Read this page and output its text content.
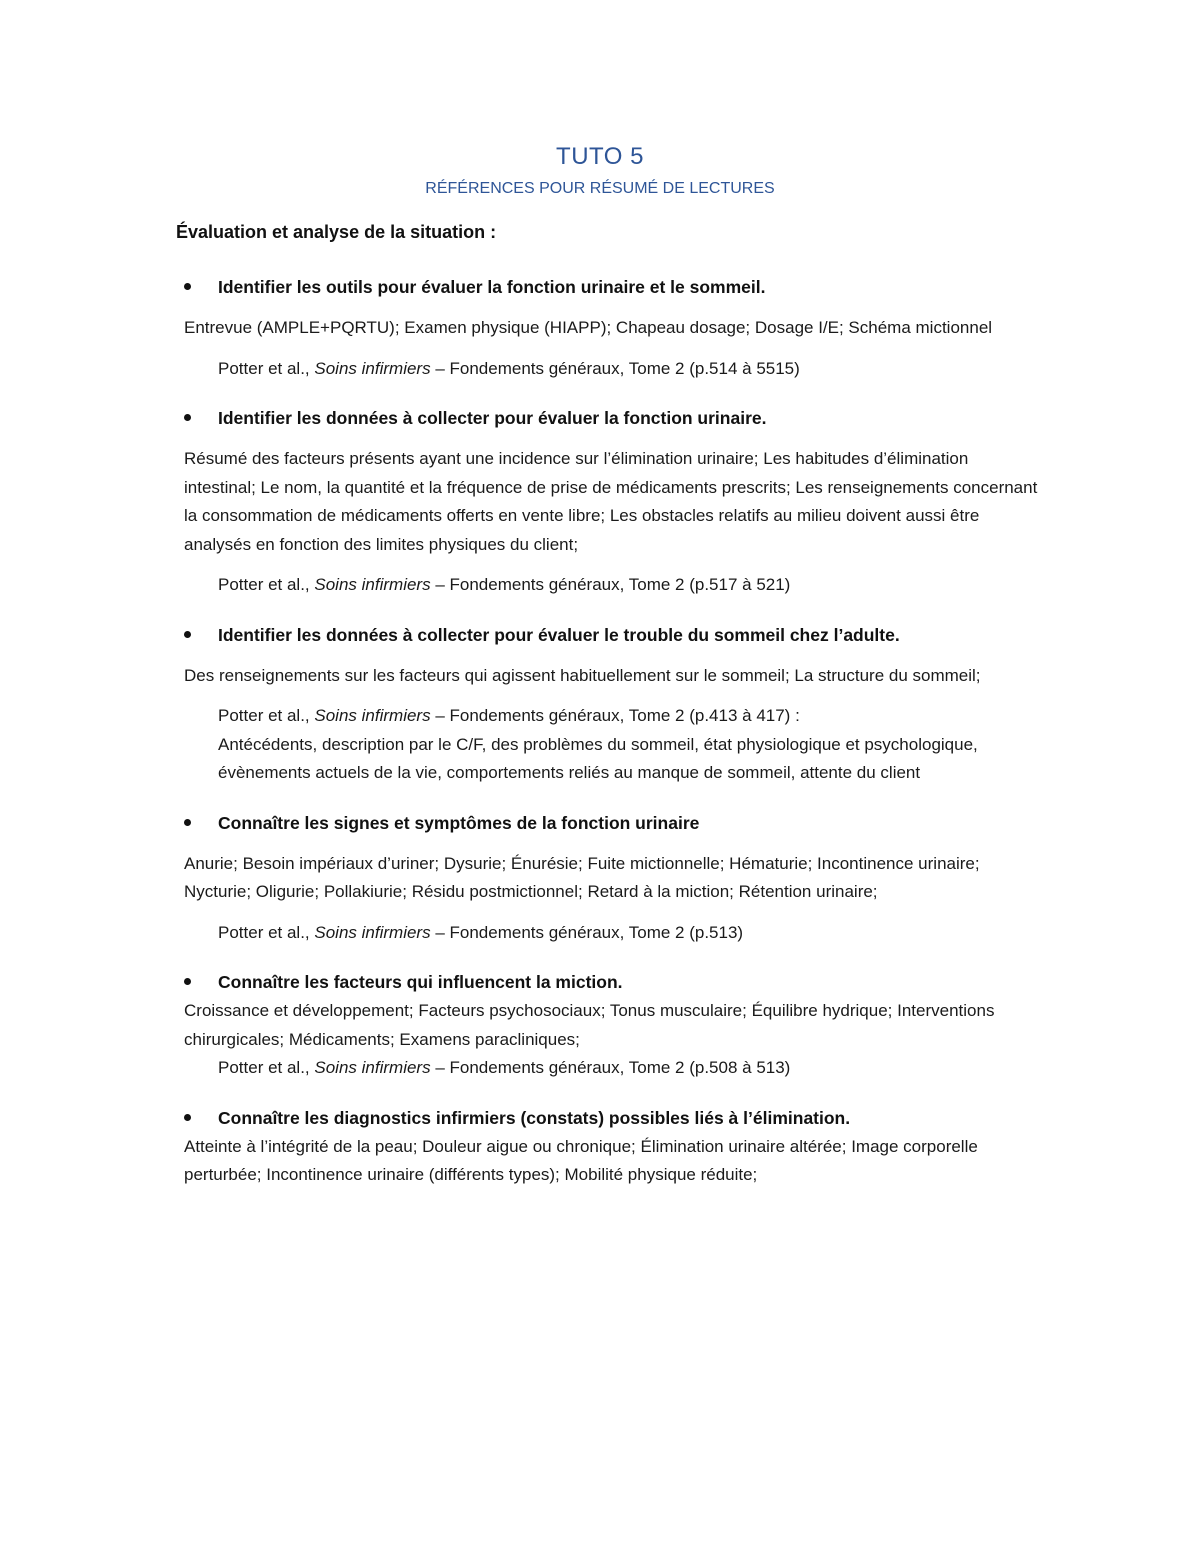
TUTO 5
RÉFÉRENCES POUR RÉSUMÉ DE LECTURES
Évaluation et analyse de la situation :
Identifier les outils pour évaluer la fonction urinaire et le sommeil.

Entrevue (AMPLE+PQRTU); Examen physique (HIAPP); Chapeau dosage; Dosage I/E; Schéma mictionnel

Potter et al., Soins infirmiers – Fondements généraux, Tome 2 (p.514 à 5515)

Identifier les données à collecter pour évaluer la fonction urinaire.

Résumé des facteurs présents ayant une incidence sur l’élimination urinaire; Les habitudes d’élimination intestinal; Le nom, la quantité et la fréquence de prise de médicaments prescrits; Les renseignements concernant la consommation de médicaments offerts en vente libre; Les obstacles relatifs au milieu doivent aussi être analysés en fonction des limites physiques du client;

Potter et al., Soins infirmiers – Fondements généraux, Tome 2 (p.517 à 521)

Identifier les données à collecter pour évaluer le trouble du sommeil chez l’adulte.

Des renseignements sur les facteurs qui agissent habituellement sur le sommeil; La structure du sommeil;

Potter et al., Soins infirmiers – Fondements généraux, Tome 2 (p.413 à 417) :

Antécédents, description par le C/F, des problèmes du sommeil, état physiologique et psychologique, évènements actuels de la vie, comportements reliés au manque de sommeil, attente du client

Connaître les signes et symptômes de la fonction urinaire

Anurie; Besoin impériaux d’uriner; Dysurie; Énurésie; Fuite mictionnelle; Hématurie; Incontinence urinaire; Nycturie; Oligurie; Pollakiurie; Résidu postmictionnel; Retard à la miction; Rétention urinaire;

Potter et al., Soins infirmiers – Fondements généraux, Tome 2 (p.513)

Connaître les facteurs qui influencent la miction.

Croissance et développement; Facteurs psychosociaux; Tonus musculaire; Équilibre hydrique; Interventions chirurgicales; Médicaments; Examens paracliniques;

Potter et al., Soins infirmiers – Fondements généraux, Tome 2 (p.508 à 513)

Connaître les diagnostics infirmiers (constats) possibles liés à l’élimination.

Atteinte à l’intégrité de la peau; Douleur aigue ou chronique; Élimination urinaire altérée; Image corporelle perturbée; Incontinence urinaire (différents types); Mobilité physique réduite;
